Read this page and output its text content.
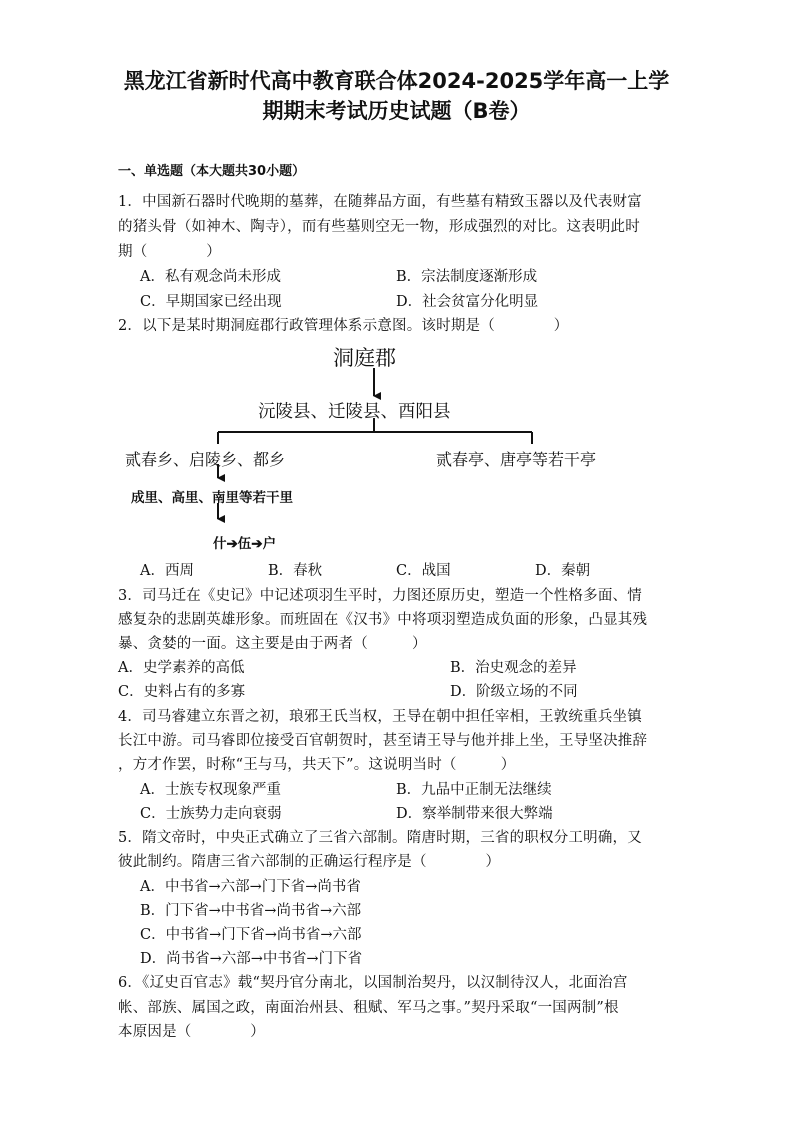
黑龙江省新时代高中教育联合体2024-2025学年高一上学
期期末考试历史试题（B卷）
一、单选题（本大题共30小题）
1．中国新石器时代晚期的墓葬，在随葬品方面，有些墓有精致玉器以及代表财富
的猪头骨（如神木、陶寺），而有些墓则空无一物，形成强烈的对比。这表明此时
期（　　　　）
A．私有观念尚未形成	B．宗法制度逐渐形成
C．早期国家已经出现	D．社会贫富分化明显
2．以下是某时期洞庭郡行政管理体系示意图。该时期是（　　　　）
洞庭郡
沅陵县、迁陵县、酉阳县
贰春乡、启陵乡、都乡	贰春亭、唐亭等若干亭
成里、高里、南里等若干里
什➔伍➔户
A．西周	B．春秋	C．战国	D．秦朝
3．司马迁在《史记》中记述项羽生平时，力图还原历史，塑造一个性格多面、情
感复杂的悲剧英雄形象。而班固在《汉书》中将项羽塑造成负面的形象，凸显其残
暴、贪婪的一面。这主要是由于两者（　　　）
A．史学素养的高低	B．治史观念的差异
C．史料占有的多寡	D．阶级立场的不同
4．司马睿建立东晋之初，琅邪王氏当权，王导在朝中担任宰相，王敦统重兵坐镇
长江中游。司马睿即位接受百官朝贺时，甚至请王导与他并排上坐，王导坚决推辞
，方才作罢，时称“王与马，共天下”。这说明当时（　　　）
A．士族专权现象严重	B．九品中正制无法继续
C．士族势力走向衰弱	D．察举制带来很大弊端
5．隋文帝时，中央正式确立了三省六部制。隋唐时期，三省的职权分工明确，又
彼此制约。隋唐三省六部制的正确运行程序是（　　　　）
A．中书省→六部→门下省→尚书省
B．门下省→中书省→尚书省→六部
C．中书省→门下省→尚书省→六部
D．尚书省→六部→中书省→门下省
6．《辽史百官志》载“契丹官分南北，以国制治契丹，以汉制待汉人，北面治宫
帐、部族、属国之政，南面治州县、租赋、军马之事。”契丹采取“一国两制”根
本原因是（　　　　）
